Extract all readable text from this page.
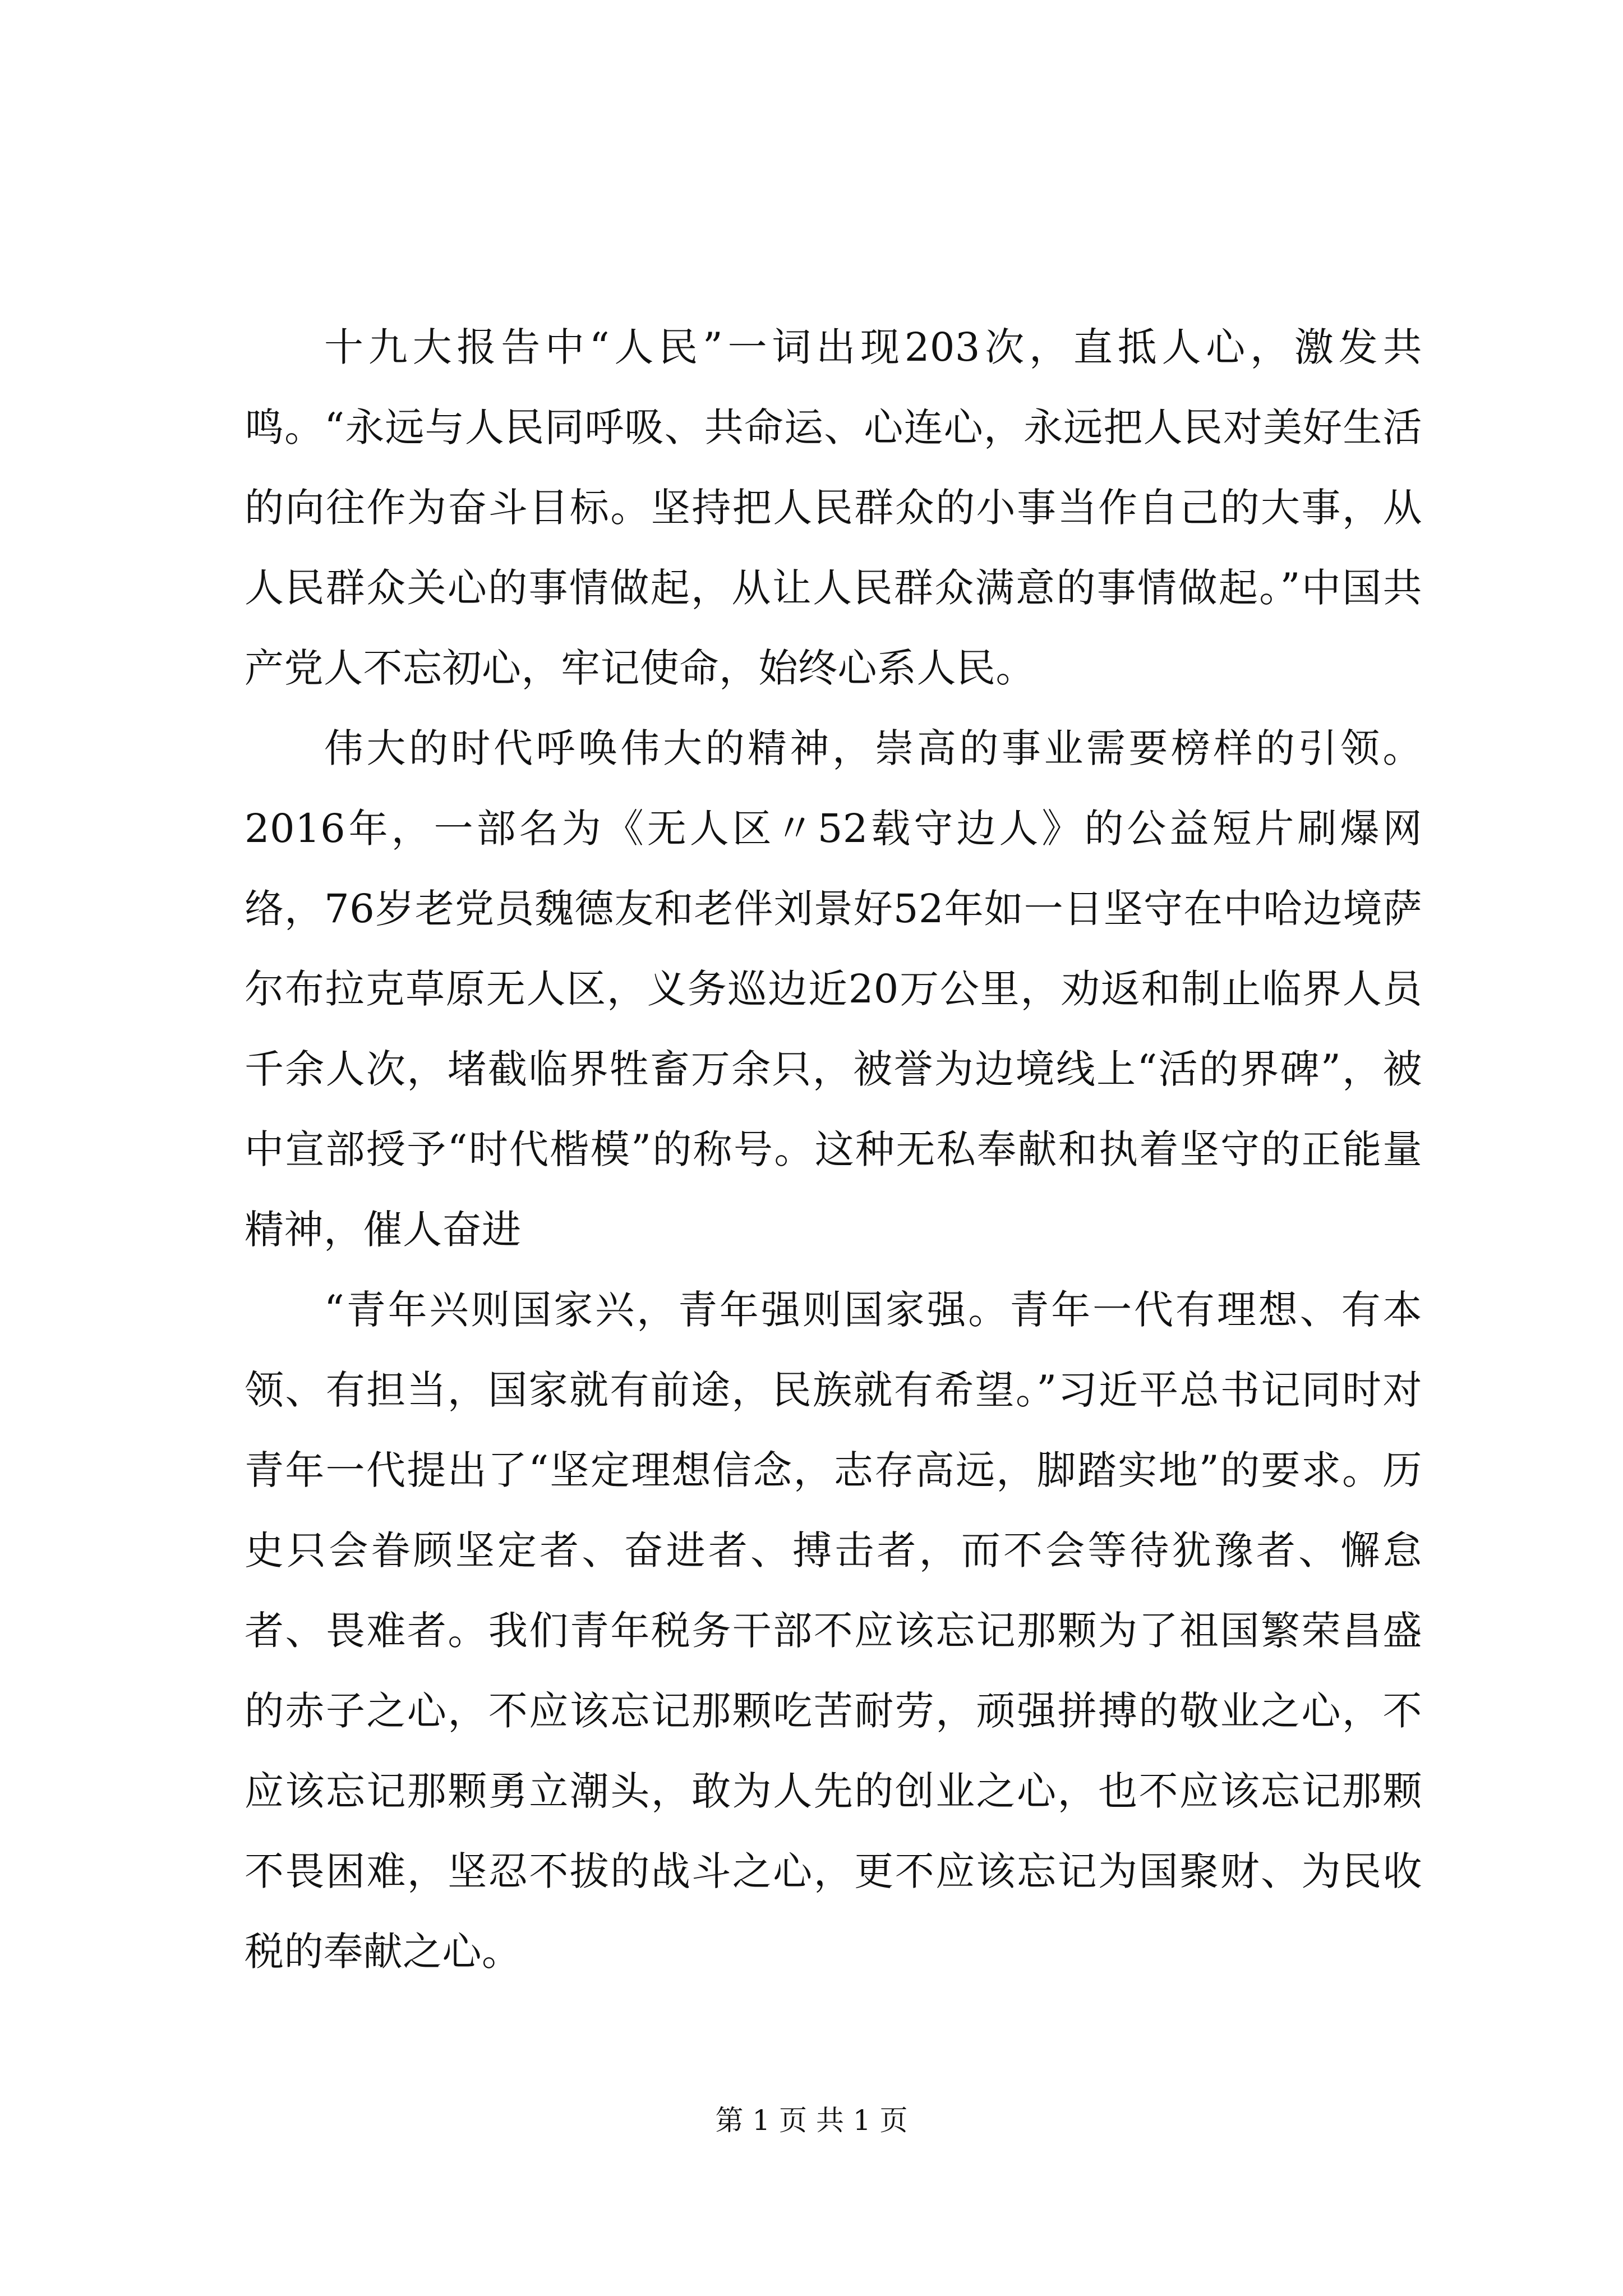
十九大报告中“人民”一词出现203次，直抵人心，激发共鸣。“永远与人民同呼吸、共命运、心连心，永远把人民对美好生活的向往作为奋斗目标。坚持把人民群众的小事当作自己的大事，从人民群众关心的事情做起，从让人民群众满意的事情做起。”中国共产党人不忘初心，牢记使命，始终心系人民。

伟大的时代呼唤伟大的精神，崇高的事业需要榜样的引领。2016年，一部名为《无人区〃52载守边人》的公益短片刷爆网络，76岁老党员魏德友和老伴刘景好52年如一日坚守在中哈边境萨尔布拉克草原无人区，义务巡边近20万公里，劝返和制止临界人员千余人次，堵截临界牲畜万余只，被誉为边境线上“活的界碑”，被中宣部授予“时代楷模”的称号。这种无私奉献和执着坚守的正能量精神，催人奋进

“青年兴则国家兴，青年强则国家强。青年一代有理想、有本领、有担当，国家就有前途，民族就有希望。”习近平总书记同时对青年一代提出了“坚定理想信念，志存高远，脚踏实地”的要求。历史只会眷顾坚定者、奋进者、搏击者，而不会等待犹豫者、懈怠者、畏难者。我们青年税务干部不应该忘记那颗为了祖国繁荣昌盛的赤子之心，不应该忘记那颗吃苦耐劳，顽强拼搏的敬业之心，不应该忘记那颗勇立潮头，敢为人先的创业之心，也不应该忘记那颗不畏困难，坚忍不拔的战斗之心，更不应该忘记为国聚财、为民收税的奉献之心。

第 1 页 共 1 页
